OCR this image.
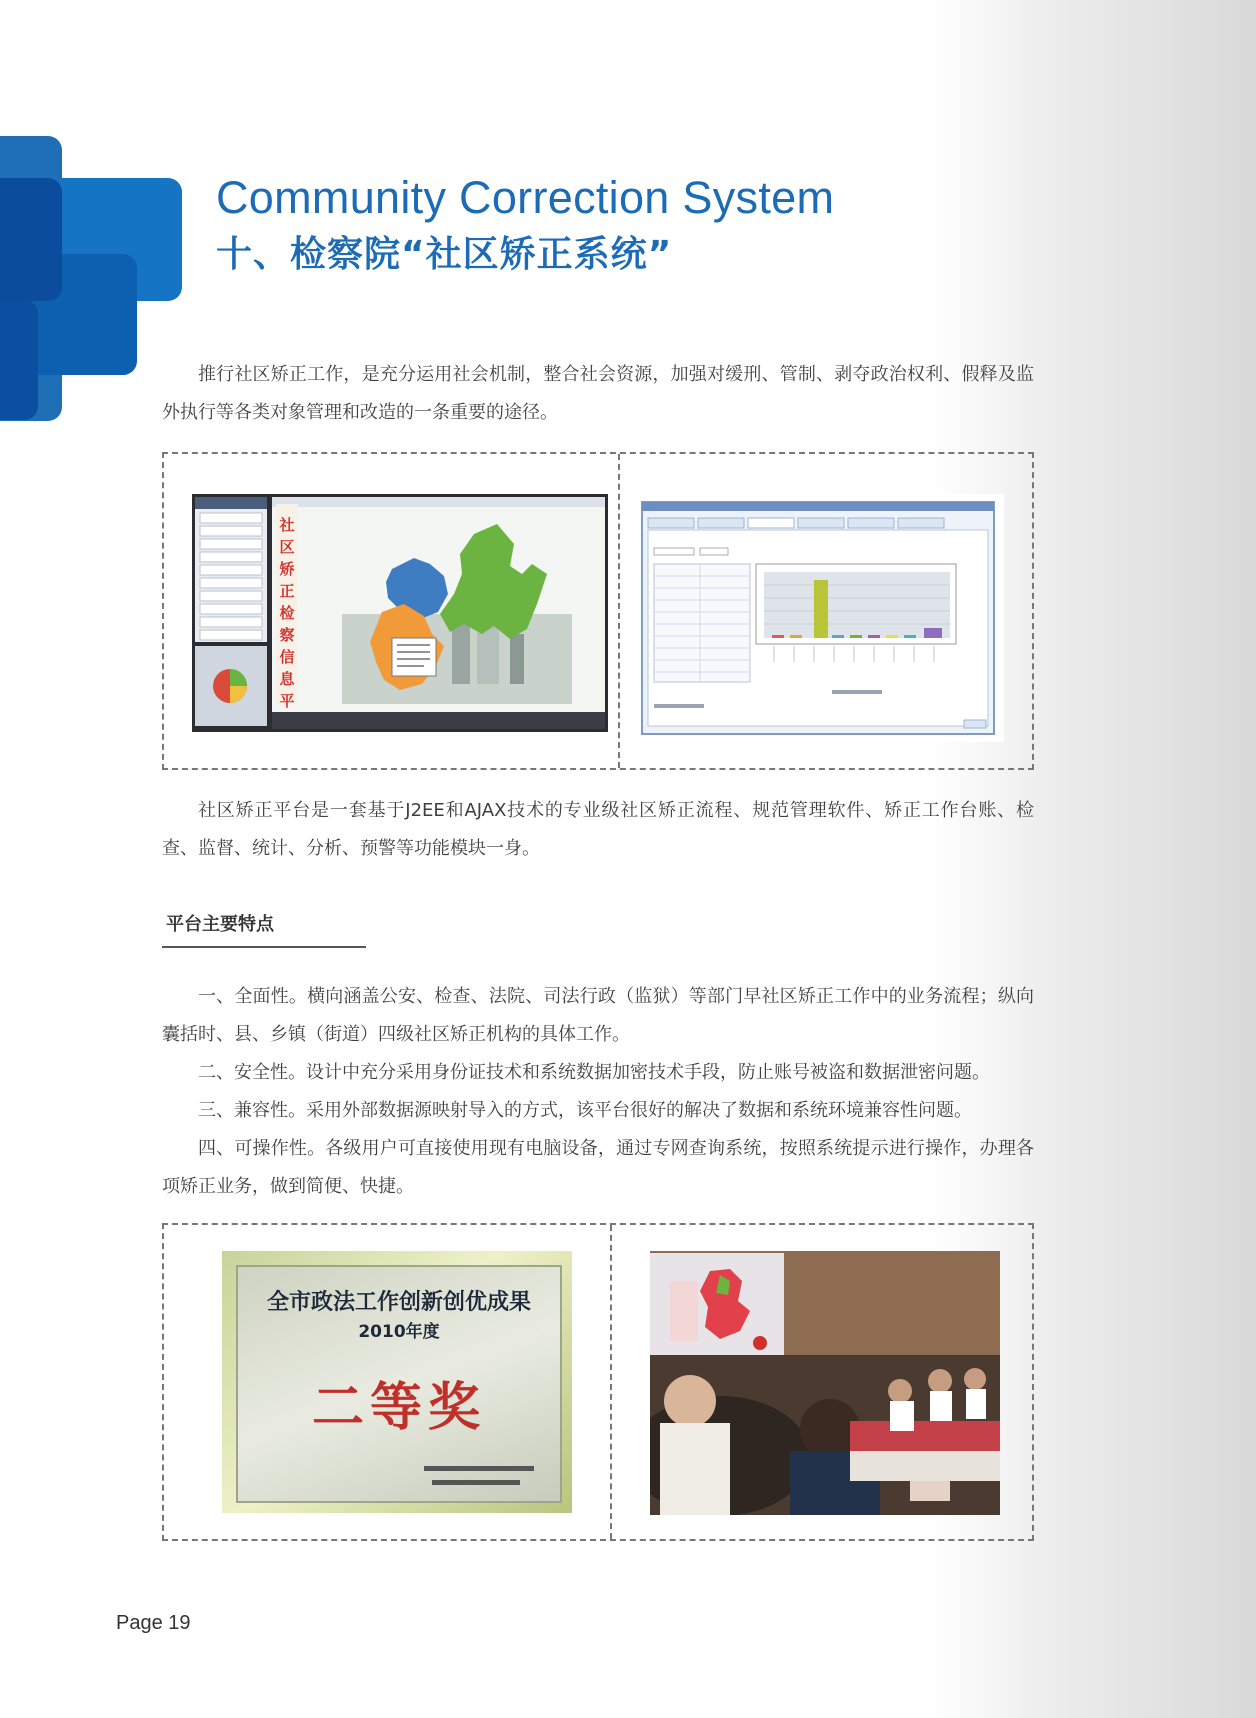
Community Correction System
十、检察院“社区矫正系统”

推行社区矫正工作，是充分运用社会机制，整合社会资源，加强对缓刑、管制、剥夺政治权利、假释及监外执行等各类对象管理和改造的一条重要的途径。

社
区
矫
正
检
察
信
息
平

社区矫正平台是一套基于J2EE和AJAX技术的专业级社区矫正流程、规范管理软件、矫正工作台账、检查、监督、统计、分析、预警等功能模块一身。

平台主要特点

一、全面性。横向涵盖公安、检查、法院、司法行政（监狱）等部门早社区矫正工作中的业务流程；纵向囊括时、县、乡镇（街道）四级社区矫正机构的具体工作。

二、安全性。设计中充分采用身份证技术和系统数据加密技术手段，防止账号被盗和数据泄密问题。

三、兼容性。采用外部数据源映射导入的方式，该平台很好的解决了数据和系统环境兼容性问题。

四、可操作性。各级用户可直接使用现有电脑设备，通过专网查询系统，按照系统提示进行操作，办理各项矫正业务，做到简便、快捷。

全市政法工作创新创优成果
2010年度
二等奖
Page 19
